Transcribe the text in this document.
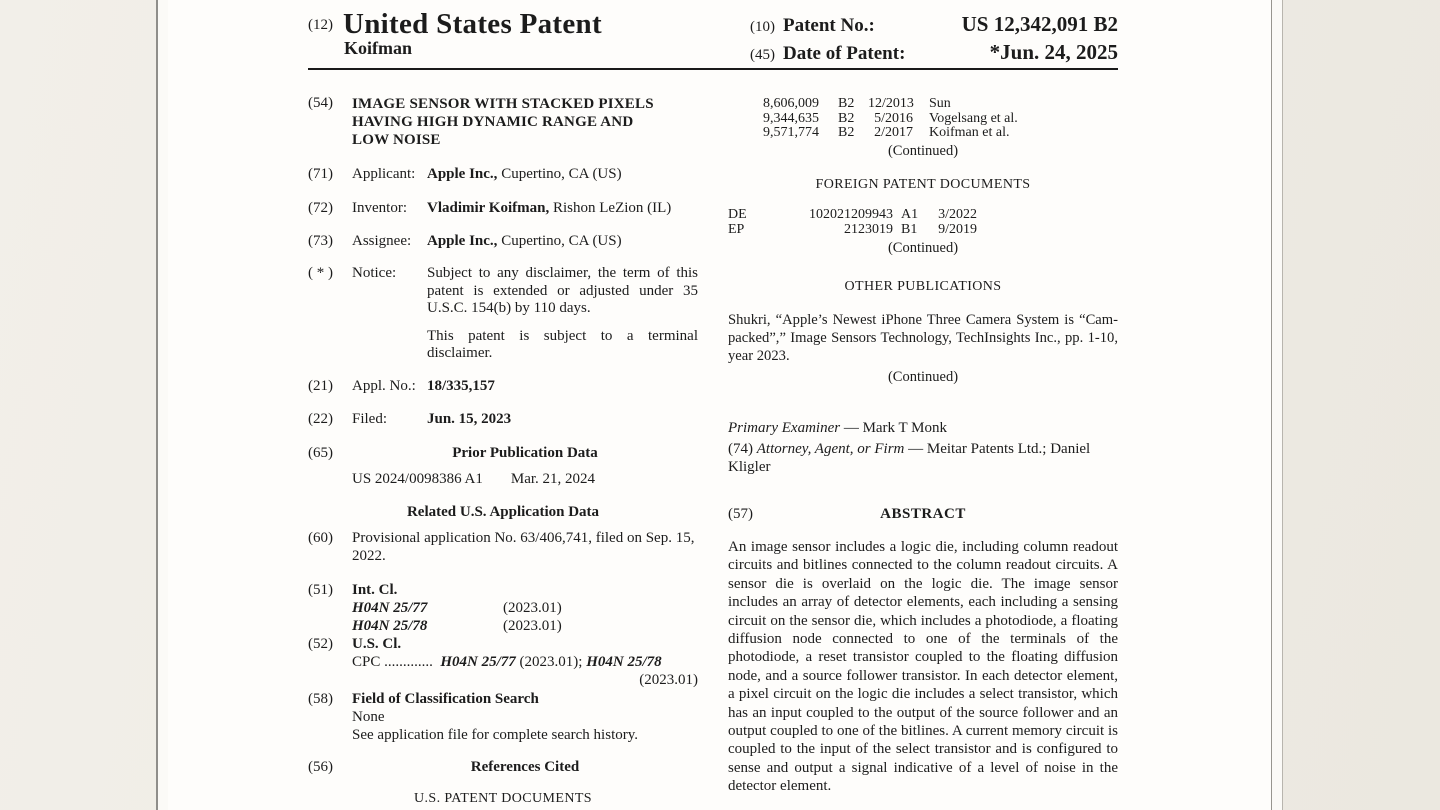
(12) United States Patent
Koifman
(10) Patent No.:	US 12,342,091 B2
(45) Date of Patent:	*Jun. 24, 2025
(54)	IMAGE SENSOR WITH STACKED PIXELS HAVING HIGH DYNAMIC RANGE AND LOW NOISE
(71)	Applicant: Apple Inc., Cupertino, CA (US)
(72)	Inventor:	Vladimir Koifman, Rishon LeZion (IL)
(73)	Assignee:	Apple Inc., Cupertino, CA (US)
( * )	Notice:	Subject to any disclaimer, the term of this patent is extended or adjusted under 35 U.S.C. 154(b) by 110 days.
This patent is subject to a terminal disclaimer.
(21)	Appl. No.: 18/335,157
(22)	Filed:	Jun. 15, 2023
(65)	Prior Publication Data
US 2024/0098386 A1 Mar. 21, 2024
Related U.S. Application Data
(60)	Provisional application No. 63/406,741, filed on Sep. 15, 2022.
(51)	Int. Cl.
H04N 25/77	(2023.01)
H04N 25/78	(2023.01)
(52)	U.S. Cl.
CPC ............. H04N 25/77 (2023.01); H04N 25/78
(2023.01)
(58)	Field of Classification Search
None
See application file for complete search history.
(56)	References Cited
U.S. PATENT DOCUMENTS
8,606,009	B2 12/2013 Sun
9,344,635	B2	5/2016 Vogelsang et al.
9,571,774	B2	2/2017 Koifman et al.
(Continued)
FOREIGN PATENT DOCUMENTS
DE	102021209943 A1	3/2022
EP	2123019 B1	9/2019
(Continued)
OTHER PUBLICATIONS
Shukri, “Apple’s Newest iPhone Three Camera System is “Cam-packed”,” Image Sensors Technology, TechInsights Inc., pp. 1-10, year 2023.
(Continued)
Primary Examiner — Mark T Monk
(74) Attorney, Agent, or Firm — Meitar Patents Ltd.; Daniel Kligler
(57)	ABSTRACT
An image sensor includes a logic die, including column readout circuits and bitlines connected to the column readout circuits. A sensor die is overlaid on the logic die. The image sensor includes an array of detector elements, each including a sensing circuit on the sensor die, which includes a photodiode, a floating diffusion node connected to one of the terminals of the photodiode, a reset transistor coupled to the floating diffusion node, and a source follower transistor. In each detector element, a pixel circuit on the logic die includes a select transistor, which has an input coupled to the output of the source follower and an output coupled to one of the bitlines. A current memory circuit is coupled to the input of the select transistor and is configured to sense and output a signal indicative of a level of noise in the detector element.
